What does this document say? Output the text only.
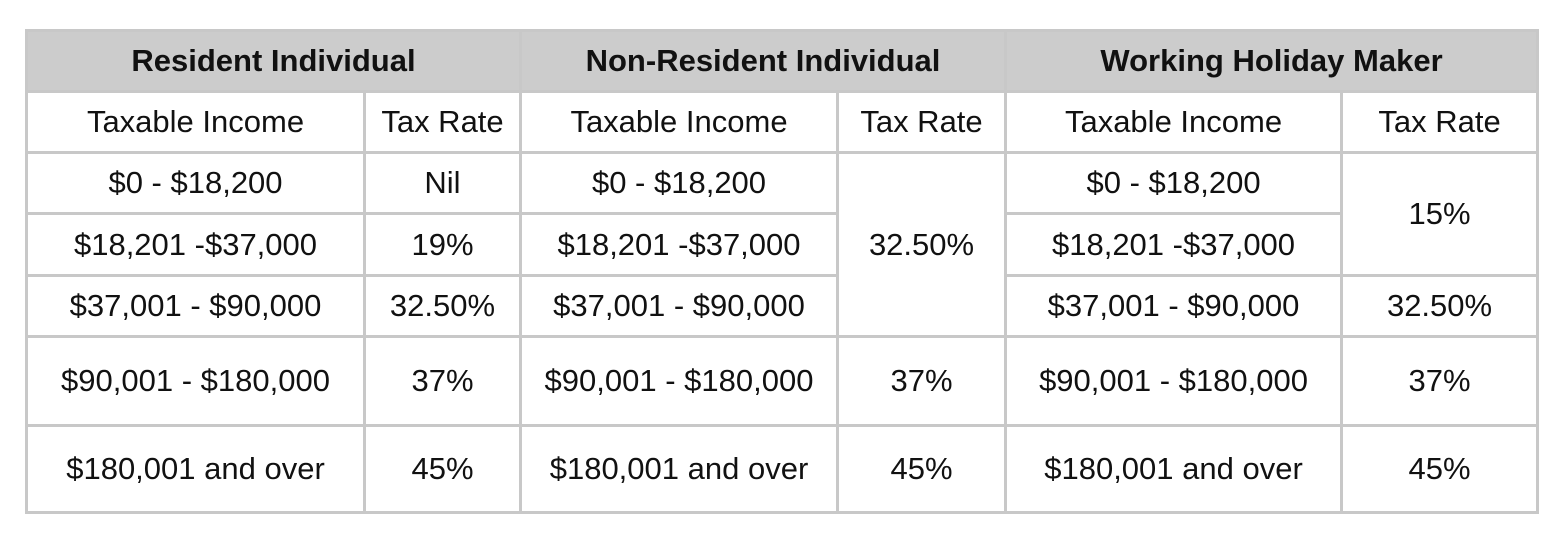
Resident Individual		Non-Resident Individual		Working Holiday Maker	
Taxable Income	Tax Rate	Taxable Income	Tax Rate	Taxable Income	Tax Rate
$0 - $18,200	Nil	$0 - $18,200	32.50%	$0 - $18,200	15%
$18,201 -$37,000	19%	$18,201 -$37,000		$18,201 -$37,000	
$37,001 - $90,000	32.50%	$37,001 - $90,000		$37,001 - $90,000	32.50%
$90,001 - $180,000	37%	$90,001 - $180,000	37%	$90,001 - $180,000	37%
$180,001 and over	45%	$180,001 and over	45%	$180,001 and over	45%
